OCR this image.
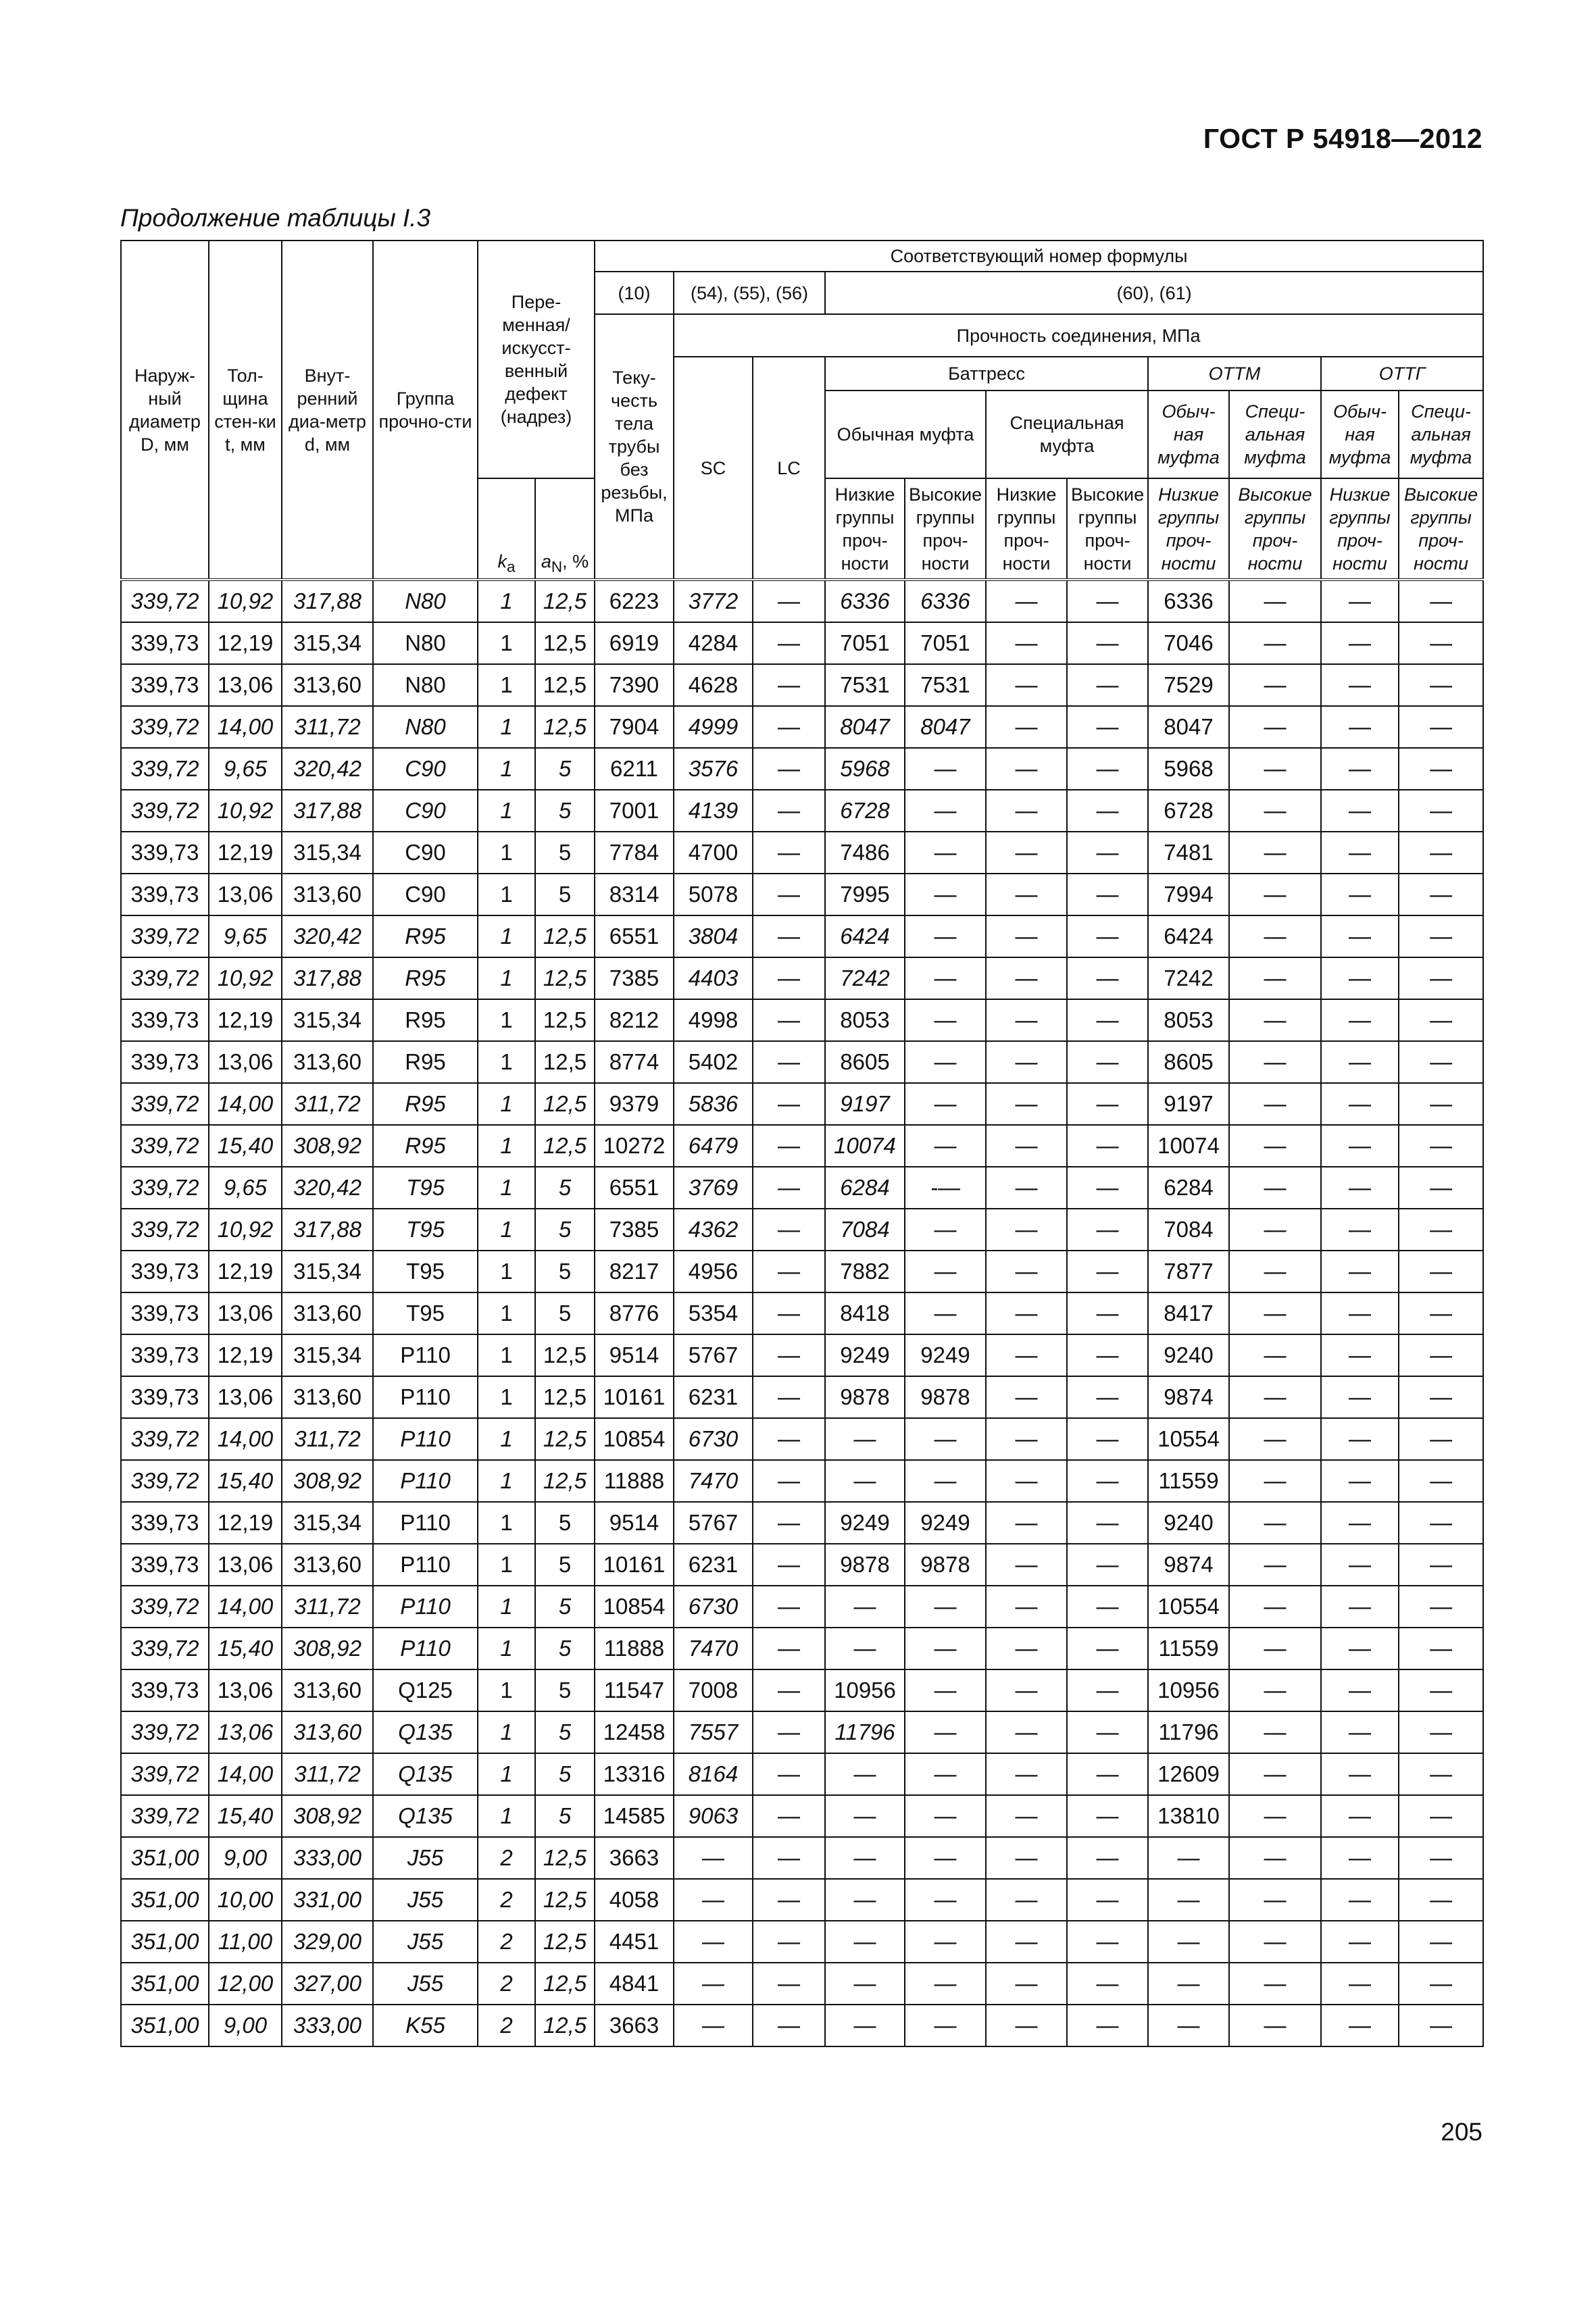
ГОСТ Р 54918—2012
Продолжение таблицы I.3
Наруж-ный диаметр D, мм	Тол-щина стен-ки t, мм	Внут-ренний диа-метр d, мм	Группа прочно-сти	Пере-менная/ искусст-венный дефект (надрез)		Соответствующий номер формулы										
						(10)	(54), (55), (56)		(60), (61)							
						Теку-честь тела трубы без резьбы, МПа	Прочность соединения, МПа									
							SC	LC	Баттресс				ОТТМ		ОТТГ	
									Обычная муфта		Специальная муфта		Обыч-ная муфта	Специ-альная муфта	Обыч-ная муфта	Специ-альная муфта
				$k_a$	$a_N$, %				Низкие группы проч-ности	Высокие группы проч-ности	Низкие группы проч-ности	Высокие группы проч-ности	Низкие группы проч-ности	Высокие группы проч-ности	Низкие группы проч-ности	Высокие группы проч-ности
339,72	10,92	317,88	N80	1	12,5	6223	3772	—	6336	6336	—	—	6336	—	—	—
339,73	12,19	315,34	N80	1	12,5	6919	4284	—	7051	7051	—	—	7046	—	—	—
339,73	13,06	313,60	N80	1	12,5	7390	4628	—	7531	7531	—	—	7529	—	—	—
339,72	14,00	311,72	N80	1	12,5	7904	4999	—	8047	8047	—	—	8047	—	—	—
339,72	9,65	320,42	C90	1	5	6211	3576	—	5968	—	—	—	5968	—	—	—
339,72	10,92	317,88	C90	1	5	7001	4139	—	6728	—	—	—	6728	—	—	—
339,73	12,19	315,34	C90	1	5	7784	4700	—	7486	—	—	—	7481	—	—	—
339,73	13,06	313,60	C90	1	5	8314	5078	—	7995	—	—	—	7994	—	—	—
339,72	9,65	320,42	R95	1	12,5	6551	3804	—	6424	—	—	—	6424	—	—	—
339,72	10,92	317,88	R95	1	12,5	7385	4403	—	7242	—	—	—	7242	—	—	—
339,73	12,19	315,34	R95	1	12,5	8212	4998	—	8053	—	—	—	8053	—	—	—
339,73	13,06	313,60	R95	1	12,5	8774	5402	—	8605	—	—	—	8605	—	—	—
339,72	14,00	311,72	R95	1	12,5	9379	5836	—	9197	—	—	—	9197	—	—	—
339,72	15,40	308,92	R95	1	12,5	10272	6479	—	10074	—	—	—	10074	—	—	—
339,72	9,65	320,42	T95	1	5	6551	3769	—	6284	-—	—	—	6284	—	—	—
339,72	10,92	317,88	T95	1	5	7385	4362	—	7084	—	—	—	7084	—	—	—
339,73	12,19	315,34	T95	1	5	8217	4956	—	7882	—	—	—	7877	—	—	—
339,73	13,06	313,60	T95	1	5	8776	5354	—	8418	—	—	—	8417	—	—	—
339,73	12,19	315,34	P110	1	12,5	9514	5767	—	9249	9249	—	—	9240	—	—	—
339,73	13,06	313,60	P110	1	12,5	10161	6231	—	9878	9878	—	—	9874	—	—	—
339,72	14,00	311,72	P110	1	12,5	10854	6730	—	—	—	—	—	10554	—	—	—
339,72	15,40	308,92	P110	1	12,5	11888	7470	—	—	—	—	—	11559	—	—	—
339,73	12,19	315,34	P110	1	5	9514	5767	—	9249	9249	—	—	9240	—	—	—
339,73	13,06	313,60	P110	1	5	10161	6231	—	9878	9878	—	—	9874	—	—	—
339,72	14,00	311,72	P110	1	5	10854	6730	—	—	—	—	—	10554	—	—	—
339,72	15,40	308,92	P110	1	5	11888	7470	—	—	—	—	—	11559	—	—	—
339,73	13,06	313,60	Q125	1	5	11547	7008	—	10956	—	—	—	10956	—	—	—
339,72	13,06	313,60	Q135	1	5	12458	7557	—	11796	—	—	—	11796	—	—	—
339,72	14,00	311,72	Q135	1	5	13316	8164	—	—	—	—	—	12609	—	—	—
339,72	15,40	308,92	Q135	1	5	14585	9063	—	—	—	—	—	13810	—	—	—
351,00	9,00	333,00	J55	2	12,5	3663	—	—	—	—	—	—	—	—	—	—
351,00	10,00	331,00	J55	2	12,5	4058	—	—	—	—	—	—	—	—	—	—
351,00	11,00	329,00	J55	2	12,5	4451	—	—	—	—	—	—	—	—	—	—
351,00	12,00	327,00	J55	2	12,5	4841	—	—	—	—	—	—	—	—	—	—
351,00	9,00	333,00	K55	2	12,5	3663	—	—	—	—	—	—	—	—	—	—
205
